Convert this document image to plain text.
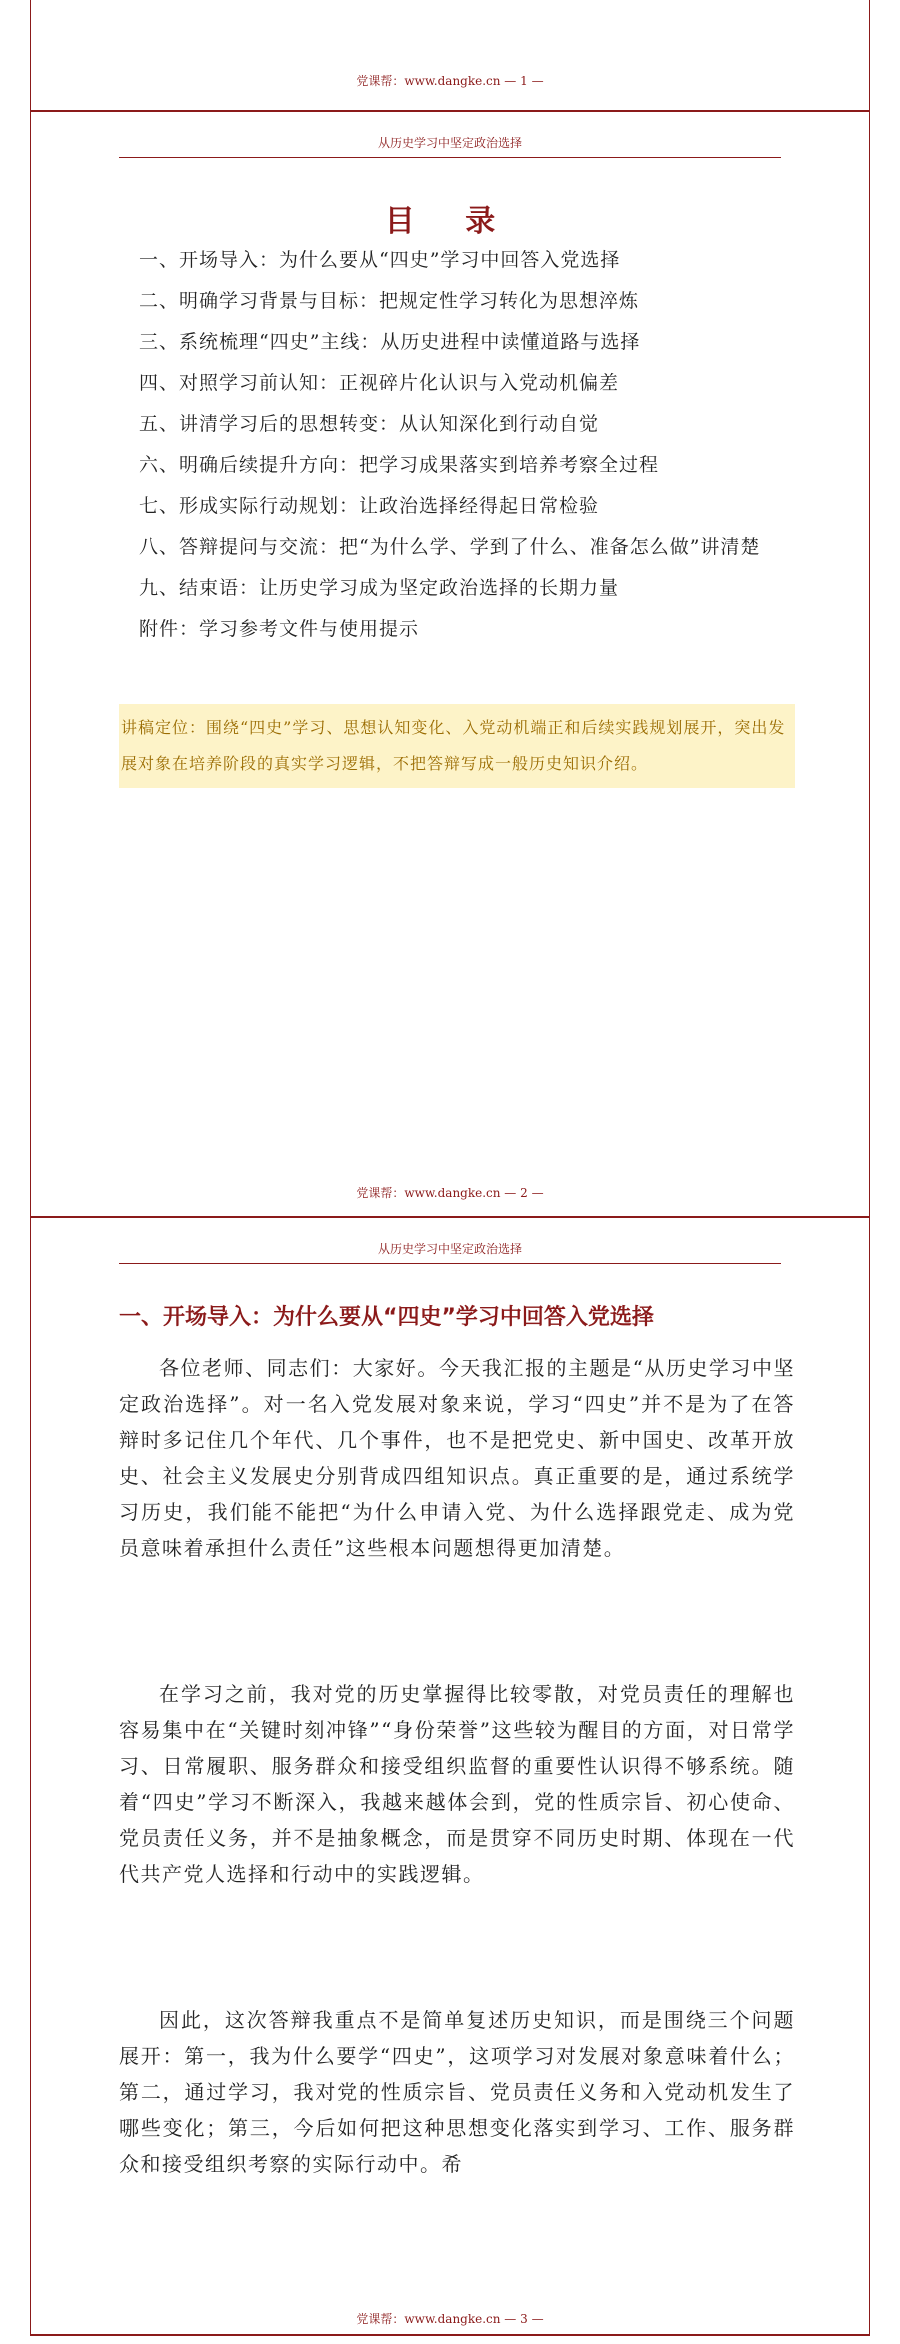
党课帮：www.dangke.cn — 1 —
从历史学习中坚定政治选择
目 录
一、开场导入：为什么要从“四史”学习中回答入党选择
二、明确学习背景与目标：把规定性学习转化为思想淬炼
三、系统梳理“四史”主线：从历史进程中读懂道路与选择
四、对照学习前认知：正视碎片化认识与入党动机偏差
五、讲清学习后的思想转变：从认知深化到行动自觉
六、明确后续提升方向：把学习成果落实到培养考察全过程
七、形成实际行动规划：让政治选择经得起日常检验
八、答辩提问与交流：把“为什么学、学到了什么、准备怎么做”讲清楚
九、结束语：让历史学习成为坚定政治选择的长期力量
附件：学习参考文件与使用提示
讲稿定位：围绕“四史”学习、思想认知变化、入党动机端正和后续实践规划展开，突出发展对象在培养阶段的真实学习逻辑，不把答辩写成一般历史知识介绍。
党课帮：www.dangke.cn — 2 —
从历史学习中坚定政治选择
一、开场导入：为什么要从“四史”学习中回答入党选择

各位老师、同志们：大家好。今天我汇报的主题是“从历史学习中坚定政治选择”。对一名入党发展对象来说，学习“四史”并不是为了在答辩时多记住几个年代、几个事件，也不是把党史、新中国史、改革开放史、社会主义发展史分别背成四组知识点。真正重要的是，通过系统学习历史，我们能不能把“为什么申请入党、为什么选择跟党走、成为党员意味着承担什么责任”这些根本问题想得更加清楚。

在学习之前，我对党的历史掌握得比较零散，对党员责任的理解也容易集中在“关键时刻冲锋”“身份荣誉”这些较为醒目的方面，对日常学习、日常履职、服务群众和接受组织监督的重要性认识得不够系统。随着“四史”学习不断深入，我越来越体会到，党的性质宗旨、初心使命、党员责任义务，并不是抽象概念，而是贯穿不同历史时期、体现在一代代共产党人选择和行动中的实践逻辑。

因此，这次答辩我重点不是简单复述历史知识，而是围绕三个问题展开：第一，我为什么要学“四史”，这项学习对发展对象意味着什么；第二，通过学习，我对党的性质宗旨、党员责任义务和入党动机发生了哪些变化；第三，今后如何把这种思想变化落实到学习、工作、服务群众和接受组织考察的实际行动中。希

党课帮：www.dangke.cn — 3 —
